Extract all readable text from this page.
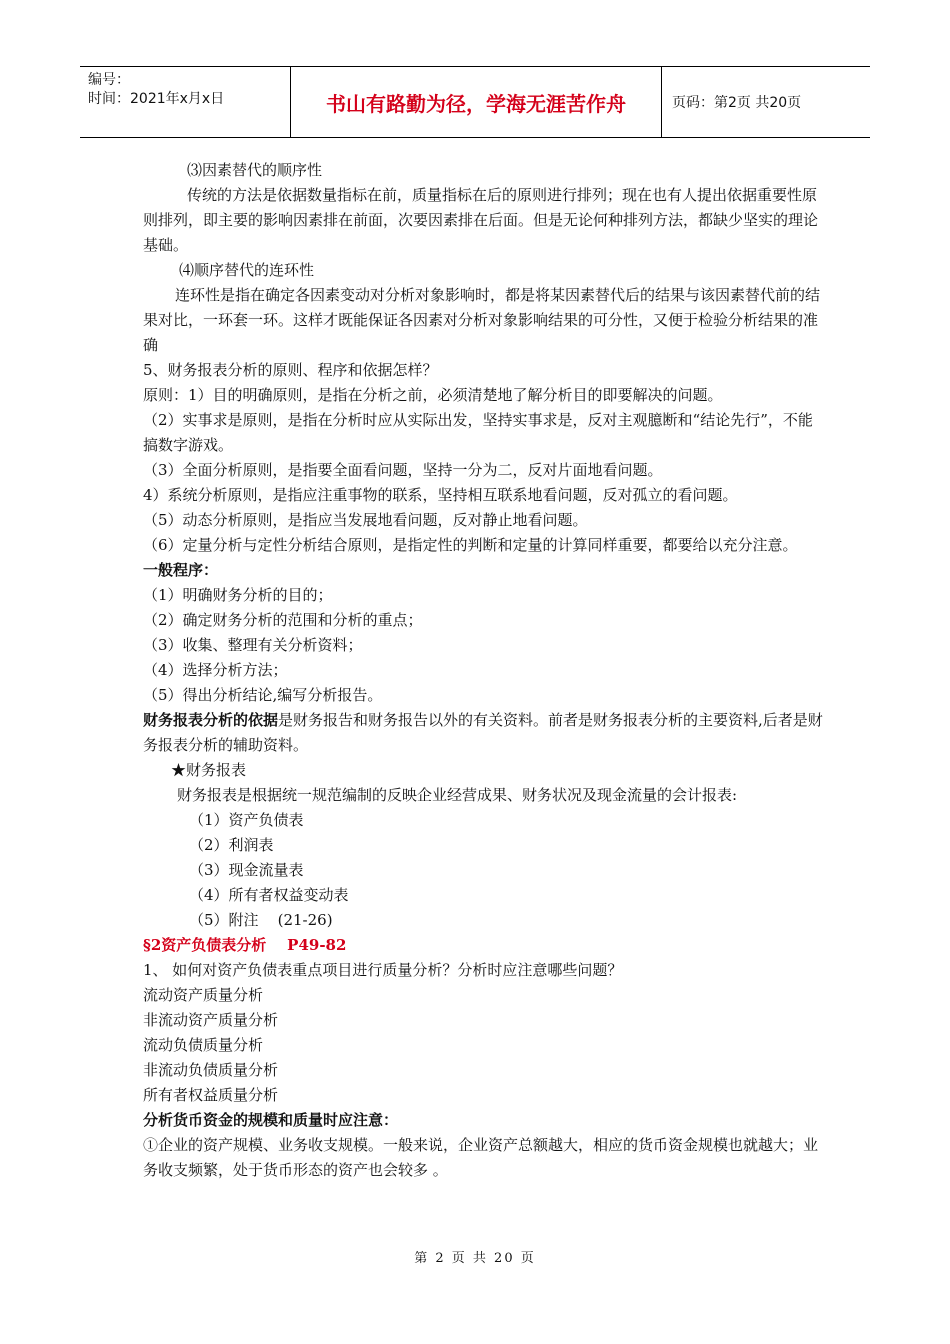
编号：
时间：2021年x月x日	书山有路勤为径，学海无涯苦作舟	页码：第2页 共20页

⑶因素替代的顺序性

传统的方法是依据数量指标在前，质量指标在后的原则进行排列；现在也有人提出依据重要性原则排列，即主要的影响因素排在前面，次要因素排在后面。但是无论何种排列方法，都缺少坚实的理论基础。

⑷顺序替代的连环性

连环性是指在确定各因素变动对分析对象影响时，都是将某因素替代后的结果与该因素替代前的结果对比，一环套一环。这样才既能保证各因素对分析对象影响结果的可分性，又便于检验分析结果的准确

5、财务报表分析的原则、程序和依据怎样？

原则：1）目的明确原则，是指在分析之前，必须清楚地了解分析目的即要解决的问题。

（2）实事求是原则，是指在分析时应从实际出发，坚持实事求是，反对主观臆断和“结论先行”，不能搞数字游戏。

（3）全面分析原则，是指要全面看问题，坚持一分为二，反对片面地看问题。

4）系统分析原则，是指应注重事物的联系，坚持相互联系地看问题，反对孤立的看问题。

（5）动态分析原则，是指应当发展地看问题，反对静止地看问题。

（6）定量分析与定性分析结合原则，是指定性的判断和定量的计算同样重要，都要给以充分注意。

一般程序：

（1）明确财务分析的目的；

（2）确定财务分析的范围和分析的重点；

（3）收集、整理有关分析资料；

（4）选择分析方法；

（5）得出分析结论,编写分析报告。

财务报表分析的依据是财务报告和财务报告以外的有关资料。前者是财务报表分析的主要资料,后者是财务报表分析的辅助资料。

★财务报表

财务报表是根据统一规范编制的反映企业经营成果、财务状况及现金流量的会计报表:

（1）资产负债表

（2）利润表

（3）现金流量表

（4）所有者权益变动表

（5）附注    (21-26)

§2资产负债表分析    P49-82

1、 如何对资产负债表重点项目进行质量分析？分析时应注意哪些问题？

流动资产质量分析

非流动资产质量分析

流动负债质量分析

非流动负债质量分析

所有者权益质量分析

分析货币资金的规模和质量时应注意：

①企业的资产规模、业务收支规模。一般来说，企业资产总额越大，相应的货币资金规模也就越大；业务收支频繁，处于货币形态的资产也会较多 。

第 2 页 共 20 页
